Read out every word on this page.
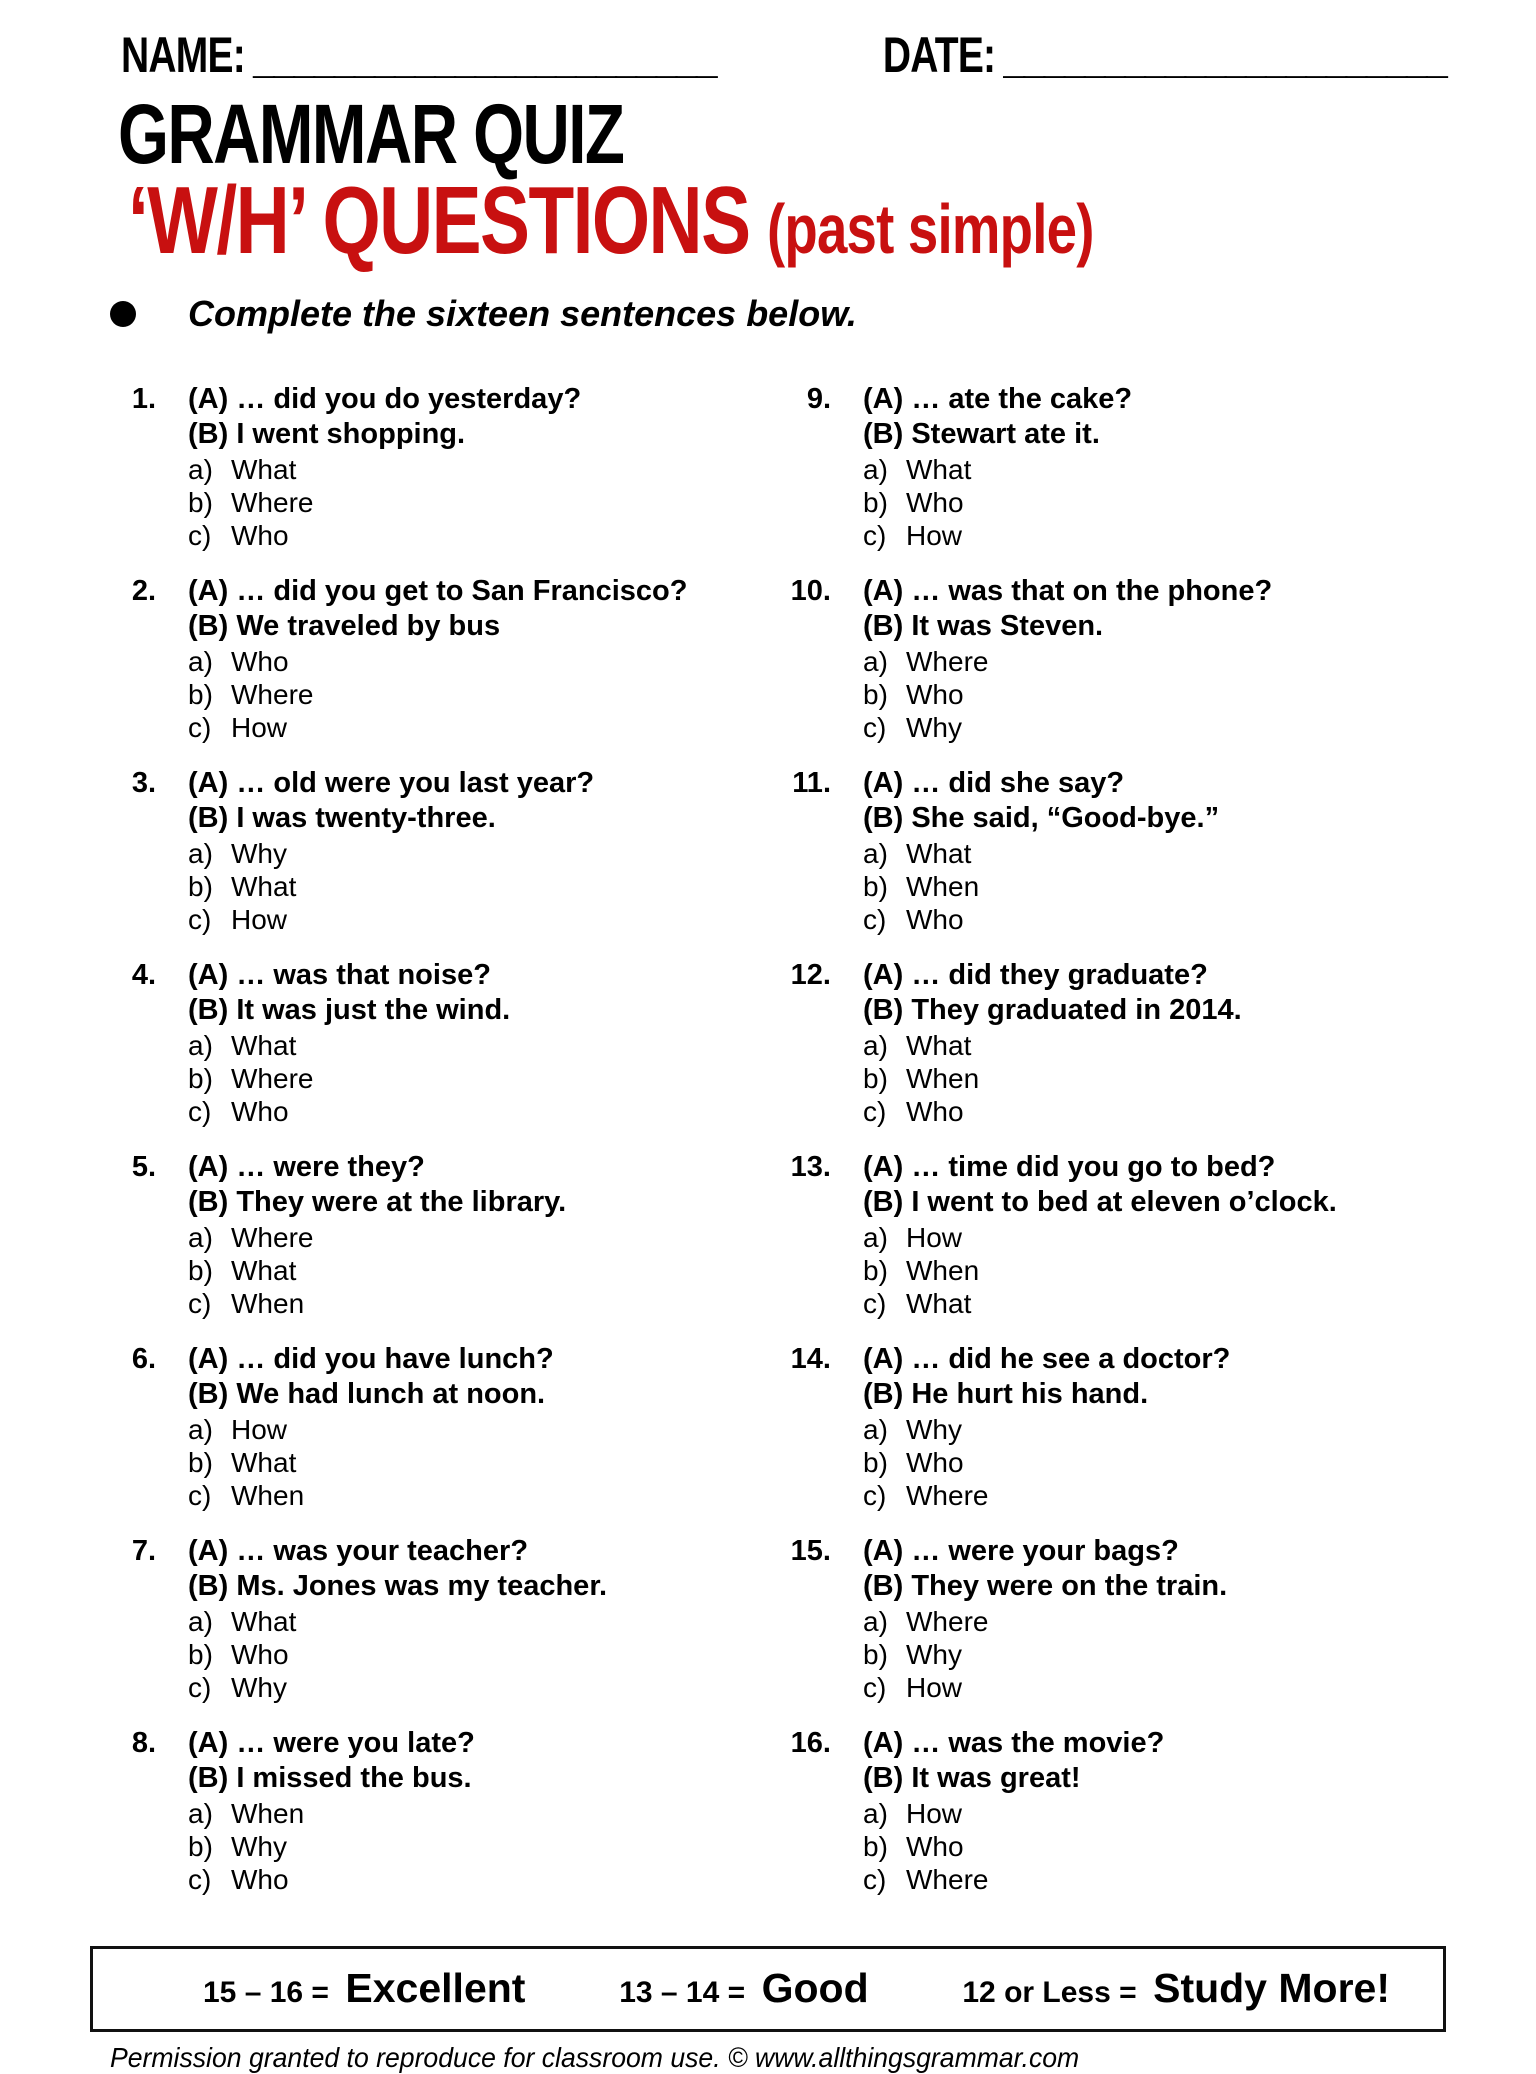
NAME: _______________________	DATE: ______________________
GRAMMAR QUIZ
‘W/H’ QUESTIONS (past simple)
Complete the sixteen sentences below.
1. (A) … did you do yesterday?
(B) I went shopping.
a) What
b) Where
c) Who
2. (A) … did you get to San Francisco?
(B) We traveled by bus
a) Who
b) Where
c) How
3. (A) … old were you last year?
(B) I was twenty-three.
a) Why
b) What
c) How
4. (A) … was that noise?
(B) It was just the wind.
a) What
b) Where
c) Who
5. (A) … were they?
(B) They were at the library.
a) Where
b) What
c) When
6. (A) … did you have lunch?
(B) We had lunch at noon.
a) How
b) What
c) When
7. (A) … was your teacher?
(B) Ms. Jones was my teacher.
a) What
b) Who
c) Why
8. (A) … were you late?
(B) I missed the bus.
a) When
b) Why
c) Who
9. (A) … ate the cake?
(B) Stewart ate it.
a) What
b) Who
c) How
10. (A) … was that on the phone?
(B) It was Steven.
a) Where
b) Who
c) Why
11. (A) … did she say?
(B) She said, “Good-bye.”
a) What
b) When
c) Who
12. (A) … did they graduate?
(B) They graduated in 2014.
a) What
b) When
c) Who
13. (A) … time did you go to bed?
(B) I went to bed at eleven o’clock.
a) How
b) When
c) What
14. (A) … did he see a doctor?
(B) He hurt his hand.
a) Why
b) Who
c) Where
15. (A) … were your bags?
(B) They were on the train.
a) Where
b) Why
c) How
16. (A) … was the movie?
(B) It was great!
a) How
b) Who
c) Where
15 – 16 = Excellent	13 – 14 = Good	12 or Less = Study More!
Permission granted to reproduce for classroom use. © www.allthingsgrammar.com
